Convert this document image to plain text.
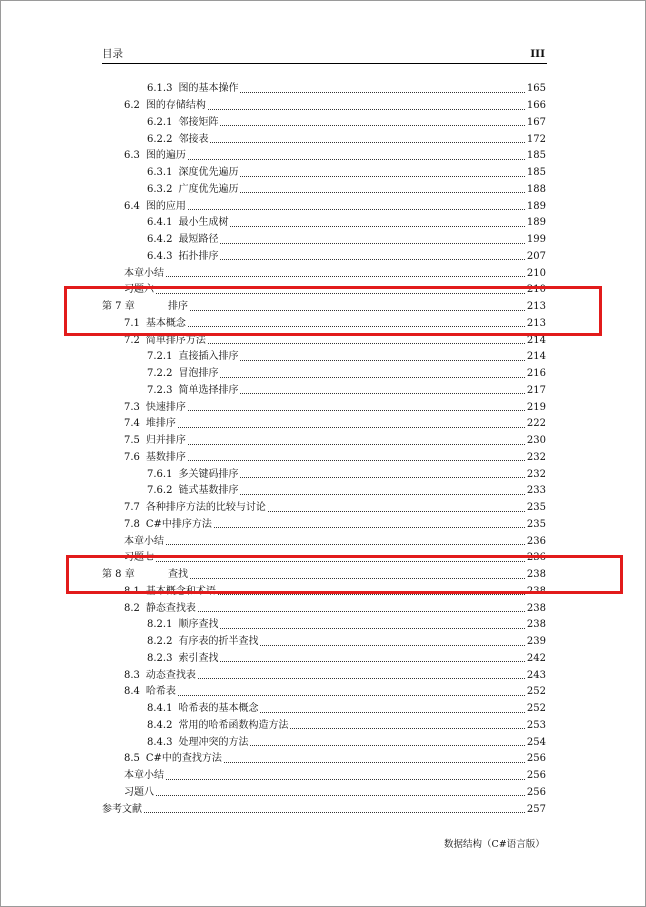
目录	III
6.1.3 图的基本操作	165
6.2 图的存储结构	166
6.2.1 邻接矩阵	167
6.2.2 邻接表	172
6.3 图的遍历	185
6.3.1 深度优先遍历	185
6.3.2 广度优先遍历	188
6.4 图的应用	189
6.4.1 最小生成树	189
6.4.2 最短路径	199
6.4.3 拓扑排序	207
本章小结	210
习题六	210
第 7 章	排序	213
7.1 基本概念	213
7.2 简单排序方法	214
7.2.1 直接插入排序	214
7.2.2 冒泡排序	216
7.2.3 简单选择排序	217
7.3 快速排序	219
7.4 堆排序	222
7.5 归并排序	230
7.6 基数排序	232
7.6.1 多关键码排序	232
7.6.2 链式基数排序	233
7.7 各种排序方法的比较与讨论	235
7.8 C#中排序方法	235
本章小结	236
习题七	236
第 8 章	查找	238
8.1 基本概念和术语	238
8.2 静态查找表	238
8.2.1 顺序查找	238
8.2.2 有序表的折半查找	239
8.2.3 索引查找	242
8.3 动态查找表	243
8.4 哈希表	252
8.4.1 哈希表的基本概念	252
8.4.2 常用的哈希函数构造方法	253
8.4.3 处理冲突的方法	254
8.5 C#中的查找方法	256
本章小结	256
习题八	256
参考文献	257
数据结构（C#语言版）
